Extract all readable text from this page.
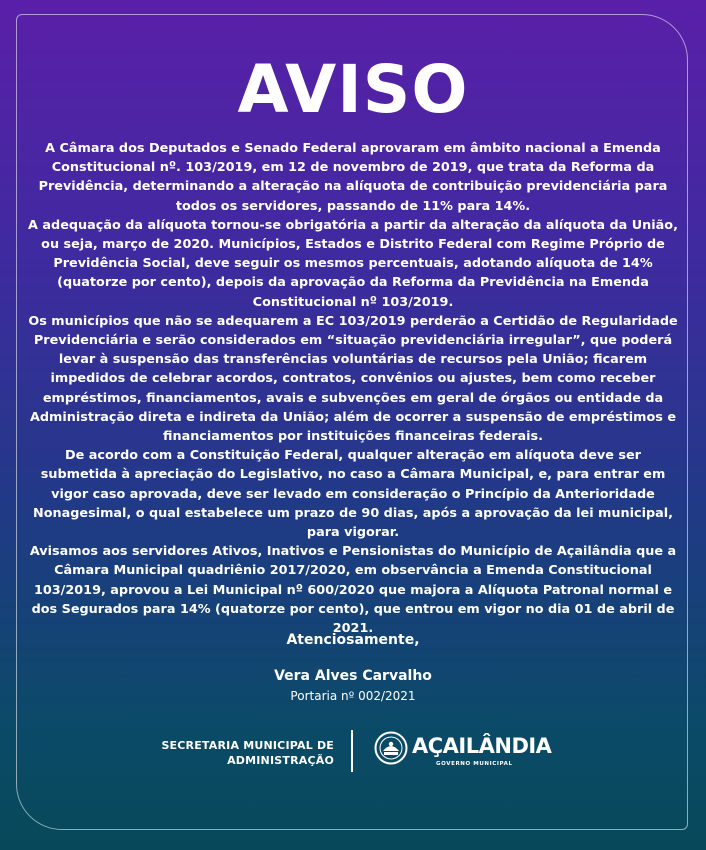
AVISO

A Câmara dos Deputados e Senado Federal aprovaram em âmbito nacional a Emenda Constitucional nº. 103/2019, em 12 de novembro de 2019, que trata da Reforma da Previdência, determinando a alteração na alíquota de contribuição previdenciária para todos os servidores, passando de 11% para 14%.

A adequação da alíquota tornou-se obrigatória a partir da alteração da alíquota da União, ou seja, março de 2020. Municípios, Estados e Distrito Federal com Regime Próprio de Previdência Social, deve seguir os mesmos percentuais, adotando alíquota de 14% (quatorze por cento), depois da aprovação da Reforma da Previdência na Emenda Constitucional nº 103/2019.

Os municípios que não se adequarem a EC 103/2019 perderão a Certidão de Regularidade Previdenciária e serão considerados em “situação previdenciária irregular”, que poderá levar à suspensão das transferências voluntárias de recursos pela União; ficarem impedidos de celebrar acordos, contratos, convênios ou ajustes, bem como receber empréstimos, financiamentos, avais e subvenções em geral de órgãos ou entidade da Administração direta e indireta da União; além de ocorrer a suspensão de empréstimos e financiamentos por instituições financeiras federais.

De acordo com a Constituição Federal, qualquer alteração em alíquota deve ser submetida à apreciação do Legislativo, no caso a Câmara Municipal, e, para entrar em vigor caso aprovada, deve ser levado em consideração o Princípio da Anterioridade Nonagesimal, o qual estabelece um prazo de 90 dias, após a aprovação da lei municipal, para vigorar.

Avisamos aos servidores Ativos, Inativos e Pensionistas do Município de Açailândia que a Câmara Municipal quadriênio 2017/2020, em observância a Emenda Constitucional 103/2019, aprovou a Lei Municipal nº 600/2020 que majora a Alíquota Patronal normal e dos Segurados para 14% (quatorze por cento), que entrou em vigor no dia 01 de abril de 2021.

Atenciosamente,
Vera Alves Carvalho
Portaria nº 002/2021
SECRETARIA MUNICIPAL DE
ADMINISTRAÇÃO
AÇAILÂNDIA
GOVERNO MUNICIPAL
